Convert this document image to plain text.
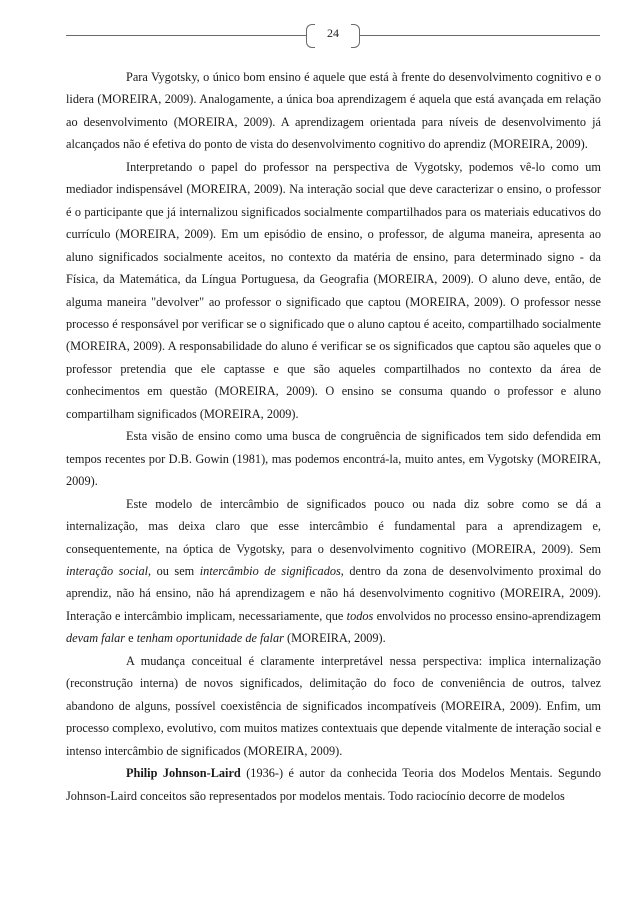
24

Para Vygotsky, o único bom ensino é aquele que está à frente do desenvolvimento cognitivo e o lidera (MOREIRA, 2009). Analogamente, a única boa aprendizagem é aquela que está avançada em relação ao desenvolvimento (MOREIRA, 2009). A aprendizagem orientada para níveis de desenvolvimento já alcançados não é efetiva do ponto de vista do desenvolvimento cognitivo do aprendiz (MOREIRA, 2009).

Interpretando o papel do professor na perspectiva de Vygotsky, podemos vê-lo como um mediador indispensável (MOREIRA, 2009). Na interação social que deve caracterizar o ensino, o professor é o participante que já internalizou significados socialmente compartilhados para os materiais educativos do currículo (MOREIRA, 2009). Em um episódio de ensino, o professor, de alguma maneira, apresenta ao aluno significados socialmente aceitos, no contexto da matéria de ensino, para determinado signo - da Física, da Matemática, da Língua Portuguesa, da Geografia (MOREIRA, 2009). O aluno deve, então, de alguma maneira "devolver" ao professor o significado que captou (MOREIRA, 2009). O professor nesse processo é responsável por verificar se o significado que o aluno captou é aceito, compartilhado socialmente (MOREIRA, 2009). A responsabilidade do aluno é verificar se os significados que captou são aqueles que o professor pretendia que ele captasse e que são aqueles compartilhados no contexto da área de conhecimentos em questão (MOREIRA, 2009). O ensino se consuma quando o professor e aluno compartilham significados (MOREIRA, 2009).

Esta visão de ensino como uma busca de congruência de significados tem sido defendida em tempos recentes por D.B. Gowin (1981), mas podemos encontrá-la, muito antes, em Vygotsky (MOREIRA, 2009).

Este modelo de intercâmbio de significados pouco ou nada diz sobre como se dá a internalização, mas deixa claro que esse intercâmbio é fundamental para a aprendizagem e, consequentemente, na óptica de Vygotsky, para o desenvolvimento cognitivo (MOREIRA, 2009). Sem interação social, ou sem intercâmbio de significados, dentro da zona de desenvolvimento proximal do aprendiz, não há ensino, não há aprendizagem e não há desenvolvimento cognitivo (MOREIRA, 2009). Interação e intercâmbio implicam, necessariamente, que todos envolvidos no processo ensino-aprendizagem devam falar e tenham oportunidade de falar (MOREIRA, 2009).

A mudança conceitual é claramente interpretável nessa perspectiva: implica internalização (reconstrução interna) de novos significados, delimitação do foco de conveniência de outros, talvez abandono de alguns, possível coexistência de significados incompatíveis (MOREIRA, 2009). Enfim, um processo complexo, evolutivo, com muitos matizes contextuais que depende vitalmente de interação social e intenso intercâmbio de significados (MOREIRA, 2009).

Philip Johnson-Laird (1936-) é autor da conhecida Teoria dos Modelos Mentais. Segundo Johnson-Laird conceitos são representados por modelos mentais. Todo raciocínio decorre de modelos
